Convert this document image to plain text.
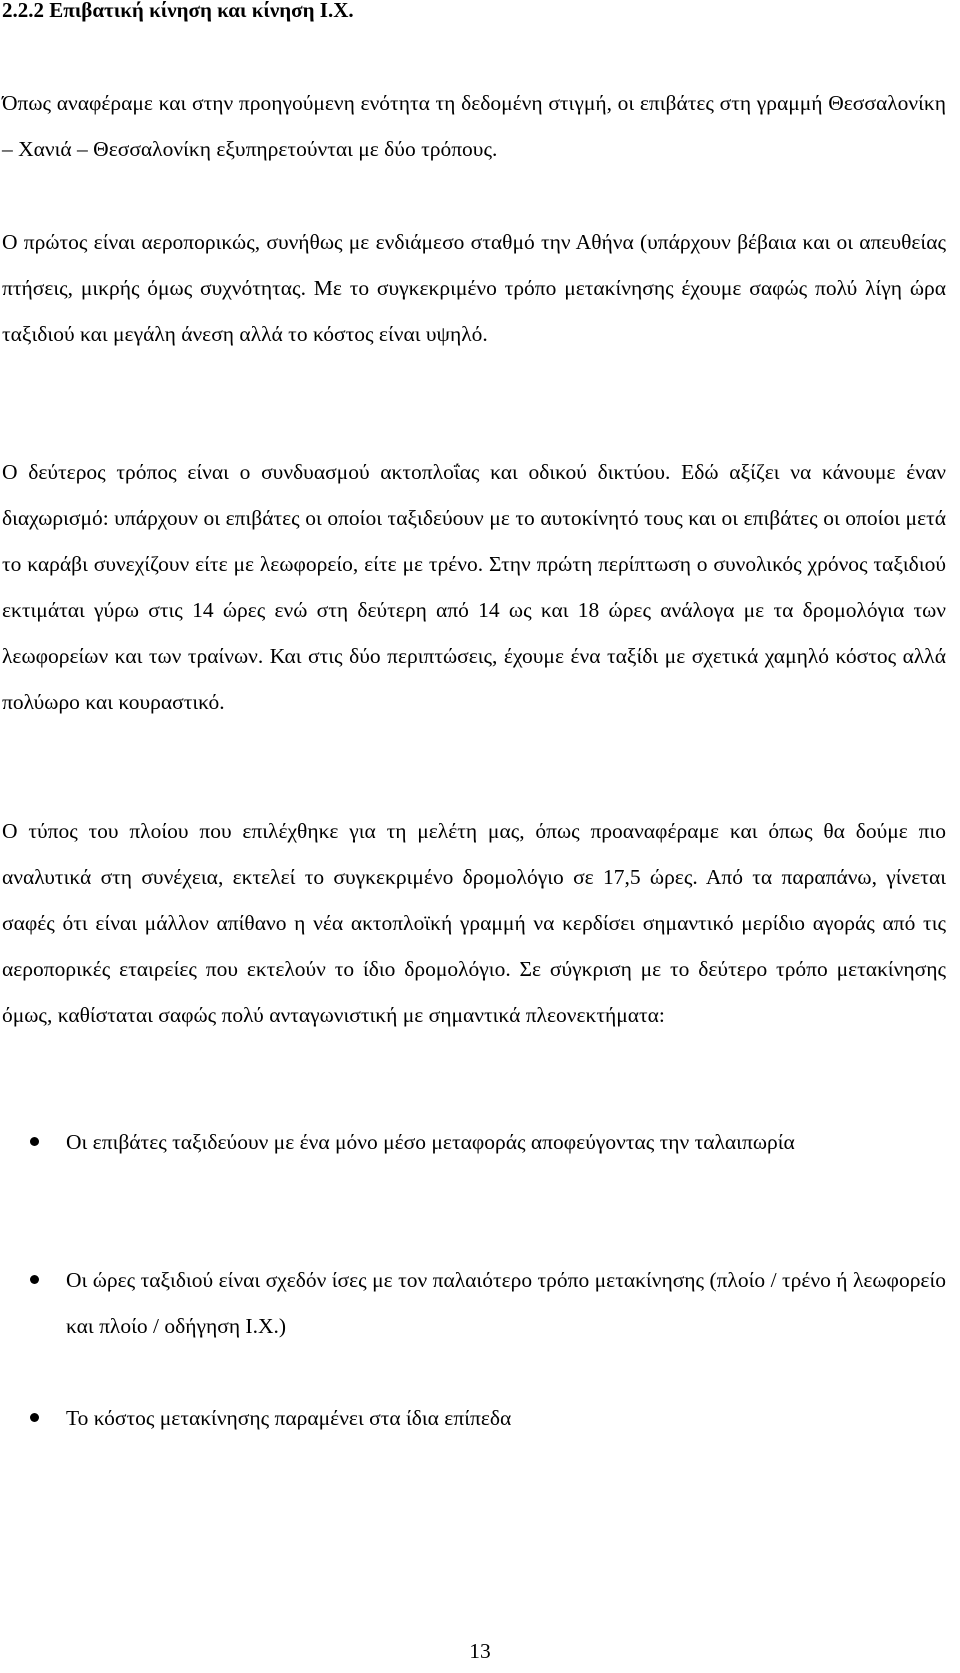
2.2.2 Επιβατική κίνηση και κίνηση Ι.Χ.
Όπως αναφέραμε και στην προηγούμενη ενότητα τη δεδομένη στιγμή, οι επιβάτες στη γραμμή Θεσσαλονίκη – Χανιά – Θεσσαλονίκη εξυπηρετούνται με δύο τρόπους.
Ο πρώτος είναι αεροπορικώς, συνήθως με ενδιάμεσο σταθμό την Αθήνα (υπάρχουν βέβαια και οι απευθείας πτήσεις, μικρής όμως συχνότητας. Με το συγκεκριμένο τρόπο μετακίνησης έχουμε σαφώς πολύ λίγη ώρα ταξιδιού και μεγάλη άνεση αλλά το κόστος είναι υψηλό.
Ο δεύτερος τρόπος είναι ο συνδυασμού ακτοπλοΐας και οδικού δικτύου. Εδώ αξίζει να κάνουμε έναν διαχωρισμό: υπάρχουν οι επιβάτες οι οποίοι ταξιδεύουν με το αυτοκίνητό τους και οι επιβάτες οι οποίοι μετά το καράβι συνεχίζουν είτε με λεωφορείο, είτε με τρένο. Στην πρώτη περίπτωση ο συνολικός χρόνος ταξιδιού εκτιμάται γύρω στις 14 ώρες ενώ στη δεύτερη από 14 ως και 18 ώρες ανάλογα με τα δρομολόγια των λεωφορείων και των τραίνων. Και στις δύο περιπτώσεις, έχουμε ένα ταξίδι με σχετικά χαμηλό κόστος αλλά πολύωρο και κουραστικό.
Ο τύπος του πλοίου που επιλέχθηκε για τη μελέτη μας, όπως προαναφέραμε και όπως θα δούμε πιο αναλυτικά στη συνέχεια, εκτελεί το συγκεκριμένο δρομολόγιο σε 17,5 ώρες. Από τα παραπάνω, γίνεται σαφές ότι είναι μάλλον απίθανο η νέα ακτοπλοϊκή γραμμή να κερδίσει σημαντικό μερίδιο αγοράς από τις αεροπορικές εταιρείες που εκτελούν το ίδιο δρομολόγιο. Σε σύγκριση με το δεύτερο τρόπο μετακίνησης όμως, καθίσταται σαφώς πολύ ανταγωνιστική με σημαντικά πλεονεκτήματα:
Οι επιβάτες ταξιδεύουν με ένα μόνο μέσο μεταφοράς αποφεύγοντας την ταλαιπωρία
Οι ώρες ταξιδιού είναι σχεδόν ίσες με τον παλαιότερο τρόπο μετακίνησης (πλοίο / τρένο ή λεωφορείο και πλοίο / οδήγηση Ι.Χ.)
Το κόστος μετακίνησης παραμένει στα ίδια επίπεδα
13
